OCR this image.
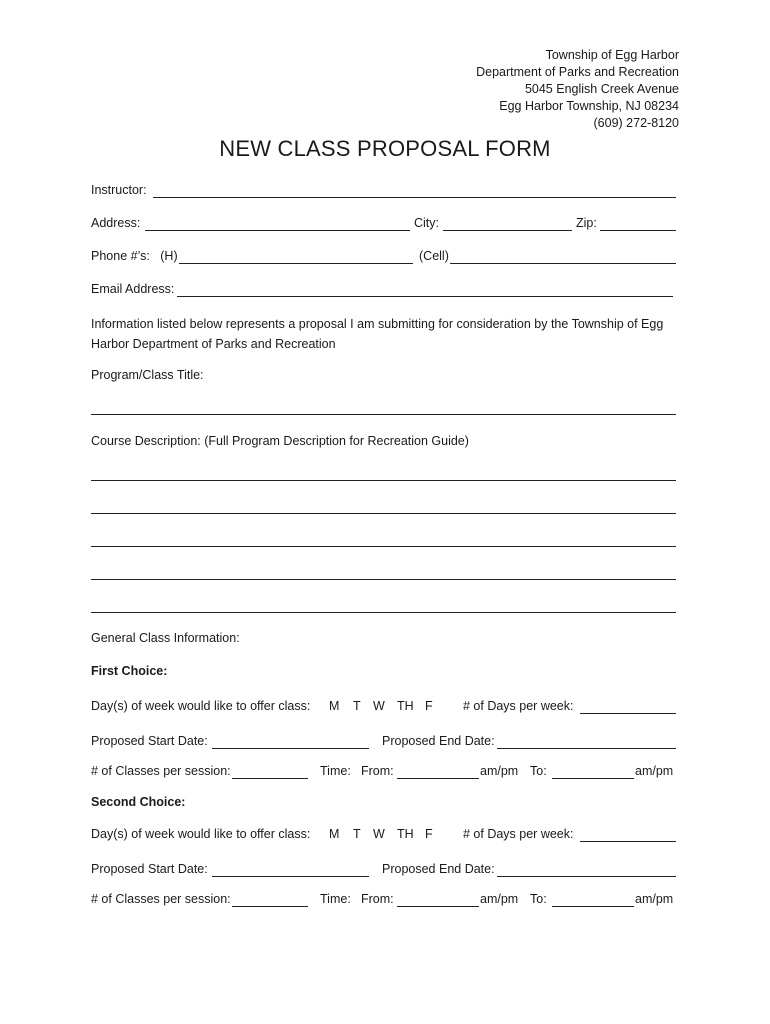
Township of Egg Harbor
Department of Parks and Recreation
5045 English Creek Avenue
Egg Harbor Township, NJ 08234
(609) 272-8120
NEW CLASS PROPOSAL FORM
Instructor:
Address:	City:	Zip:
Phone #’s:   (H)	(Cell)
Email Address:
Information listed below represents a proposal I am submitting for consideration by the Township of Egg Harbor Department of Parks and Recreation
Program/Class Title:
Course Description: (Full Program Description for Recreation Guide)
General Class Information:
First Choice:
Day(s) of week would like to offer class: M T W TH F # of Days per week:
Proposed Start Date:	Proposed End Date:
# of Classes per session:	Time: From:	am/pm To:	am/pm
Second Choice:
Day(s) of week would like to offer class: M T W TH F # of Days per week:
Proposed Start Date:	Proposed End Date:
# of Classes per session:	Time: From:	am/pm To:	am/pm
